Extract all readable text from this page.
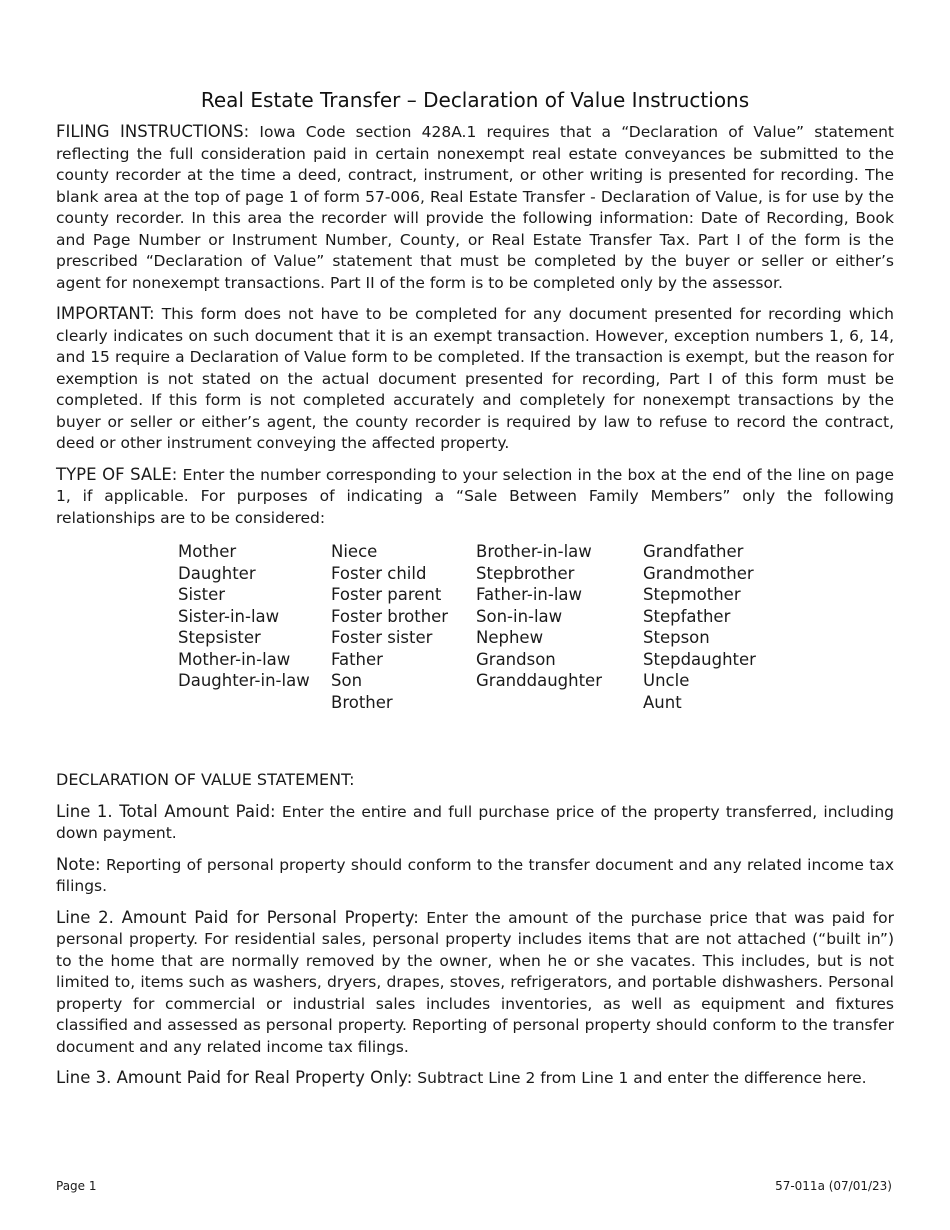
Real Estate Transfer – Declaration of Value Instructions

FILING INSTRUCTIONS: Iowa Code section 428A.1 requires that a “Declaration of Value” statement reflecting the full consideration paid in certain nonexempt real estate conveyances be submitted to the county recorder at the time a deed, contract, instrument, or other writing is presented for recording. The blank area at the top of page 1 of form 57-006, Real Estate Transfer - Declaration of Value, is for use by the county recorder. In this area the recorder will provide the following information: Date of Recording, Book and Page Number or Instrument Number, County, or Real Estate Transfer Tax. Part I of the form is the prescribed “Declaration of Value” statement that must be completed by the buyer or seller or either’s agent for nonexempt transactions. Part II of the form is to be completed only by the assessor.

IMPORTANT: This form does not have to be completed for any document presented for recording which clearly indicates on such document that it is an exempt transaction. However, exception numbers 1, 6, 14, and 15 require a Declaration of Value form to be completed. If the transaction is exempt, but the reason for exemption is not stated on the actual document presented for recording, Part I of this form must be completed. If this form is not completed accurately and completely for nonexempt transactions by the buyer or seller or either’s agent, the county recorder is required by law to refuse to record the contract, deed or other instrument conveying the affected property.

TYPE OF SALE: Enter the number corresponding to your selection in the box at the end of the line on page 1, if applicable. For purposes of indicating a “Sale Between Family Members” only the following relationships are to be considered:

Mother
Daughter
Sister
Sister-in-law
Stepsister
Mother-in-law
Daughter-in-law
Niece
Foster child
Foster parent
Foster brother
Foster sister
Father
Son
Brother
Brother-in-law
Stepbrother
Father-in-law
Son-in-law
Nephew
Grandson
Granddaughter
Grandfather
Grandmother
Stepmother
Stepfather
Stepson
Stepdaughter
Uncle
Aunt

DECLARATION OF VALUE STATEMENT:

Line 1. Total Amount Paid: Enter the entire and full purchase price of the property transferred, including down payment.

Note: Reporting of personal property should conform to the transfer document and any related income tax filings.

Line 2. Amount Paid for Personal Property: Enter the amount of the purchase price that was paid for personal property. For residential sales, personal property includes items that are not attached (“built in”) to the home that are normally removed by the owner, when he or she vacates. This includes, but is not limited to, items such as washers, dryers, drapes, stoves, refrigerators, and portable dishwashers. Personal property for commercial or industrial sales includes inventories, as well as equipment and fixtures classified and assessed as personal property. Reporting of personal property should conform to the transfer document and any related income tax filings.

Line 3. Amount Paid for Real Property Only: Subtract Line 2 from Line 1 and enter the difference here.

Page 1	57-011a (07/01/23)
